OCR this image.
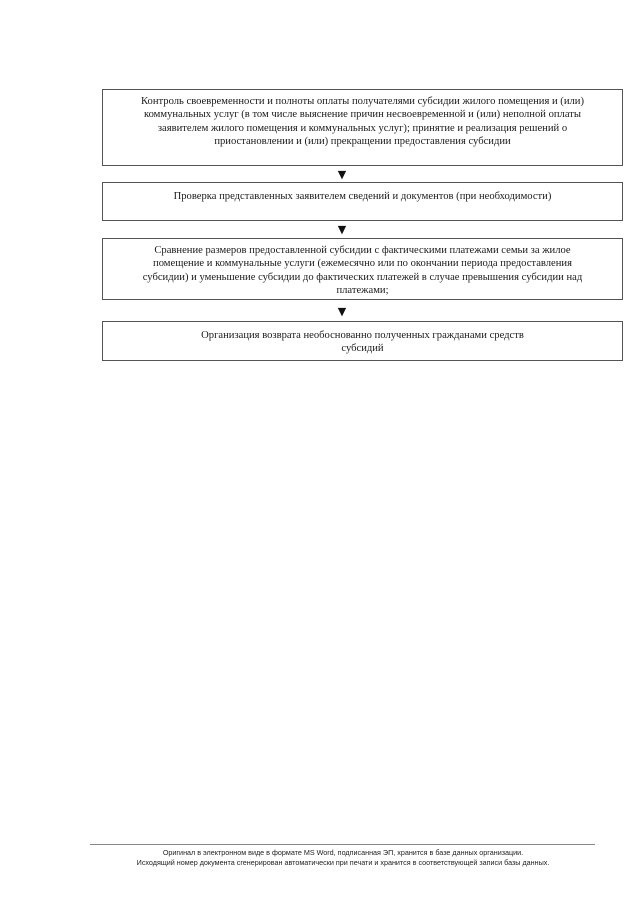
Контроль своевременности и полноты оплаты получателями субсидии жилого помещения и (или)
коммунальных услуг (в том числе выяснение причин несвоевременной и (или) неполной оплаты
заявителем жилого помещения и коммунальных услуг); принятие и реализация решений о
приостановлении и (или) прекращении предоставления субсидии
▼
Проверка представленных заявителем сведений и документов (при необходимости)
▼
Сравнение размеров предоставленной субсидии с фактическими платежами семьи за жилое
помещение и коммунальные услуги (ежемесячно или по окончании периода предоставления
субсидии) и уменьшение субсидии до фактических платежей в случае превышения субсидии над
платежами;
▼
Организация возврата необоснованно полученных гражданами средств
субсидий
Оригинал в электронном виде в формате MS Word, подписанная ЭП, хранится в базе данных организации.
Исходящий номер документа сгенерирован автоматически при печати и хранится в соответствующей записи базы данных.
